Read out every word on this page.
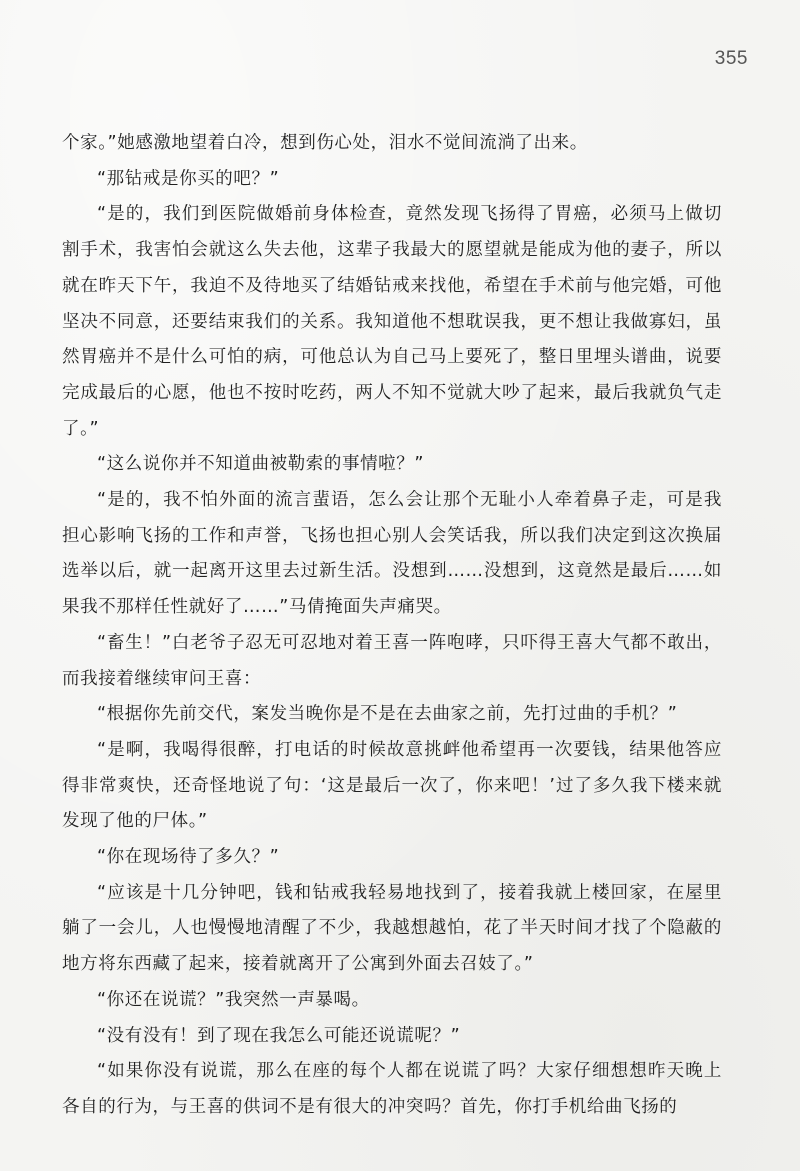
355

个家。”她感激地望着白冷，想到伤心处，泪水不觉间流淌了出来。

“那钻戒是你买的吧？”

“是的，我们到医院做婚前身体检查，竟然发现飞扬得了胃癌，必须马上做切割手术，我害怕会就这么失去他，这辈子我最大的愿望就是能成为他的妻子，所以就在昨天下午，我迫不及待地买了结婚钻戒来找他，希望在手术前与他完婚，可他坚决不同意，还要结束我们的关系。我知道他不想耽误我，更不想让我做寡妇，虽然胃癌并不是什么可怕的病，可他总认为自己马上要死了，整日里埋头谱曲，说要完成最后的心愿，他也不按时吃药，两人不知不觉就大吵了起来，最后我就负气走了。”

“这么说你并不知道曲被勒索的事情啦？”

“是的，我不怕外面的流言蜚语，怎么会让那个无耻小人牵着鼻子走，可是我担心影响飞扬的工作和声誉，飞扬也担心别人会笑话我，所以我们决定到这次换届选举以后，就一起离开这里去过新生活。没想到……没想到，这竟然是最后……如果我不那样任性就好了……”马倩掩面失声痛哭。

“畜生！”白老爷子忍无可忍地对着王喜一阵咆哮，只吓得王喜大气都不敢出，而我接着继续审问王喜：

“根据你先前交代，案发当晚你是不是在去曲家之前，先打过曲的手机？”

“是啊，我喝得很醉，打电话的时候故意挑衅他希望再一次要钱，结果他答应得非常爽快，还奇怪地说了句：‘这是最后一次了，你来吧！’过了多久我下楼来就发现了他的尸体。”

“你在现场待了多久？”

“应该是十几分钟吧，钱和钻戒我轻易地找到了，接着我就上楼回家，在屋里躺了一会儿，人也慢慢地清醒了不少，我越想越怕，花了半天时间才找了个隐蔽的地方将东西藏了起来，接着就离开了公寓到外面去召妓了。”

“你还在说谎？”我突然一声暴喝。

“没有没有！到了现在我怎么可能还说谎呢？”

“如果你没有说谎，那么在座的每个人都在说谎了吗？大家仔细想想昨天晚上各自的行为，与王喜的供词不是有很大的冲突吗？首先，你打手机给曲飞扬的
